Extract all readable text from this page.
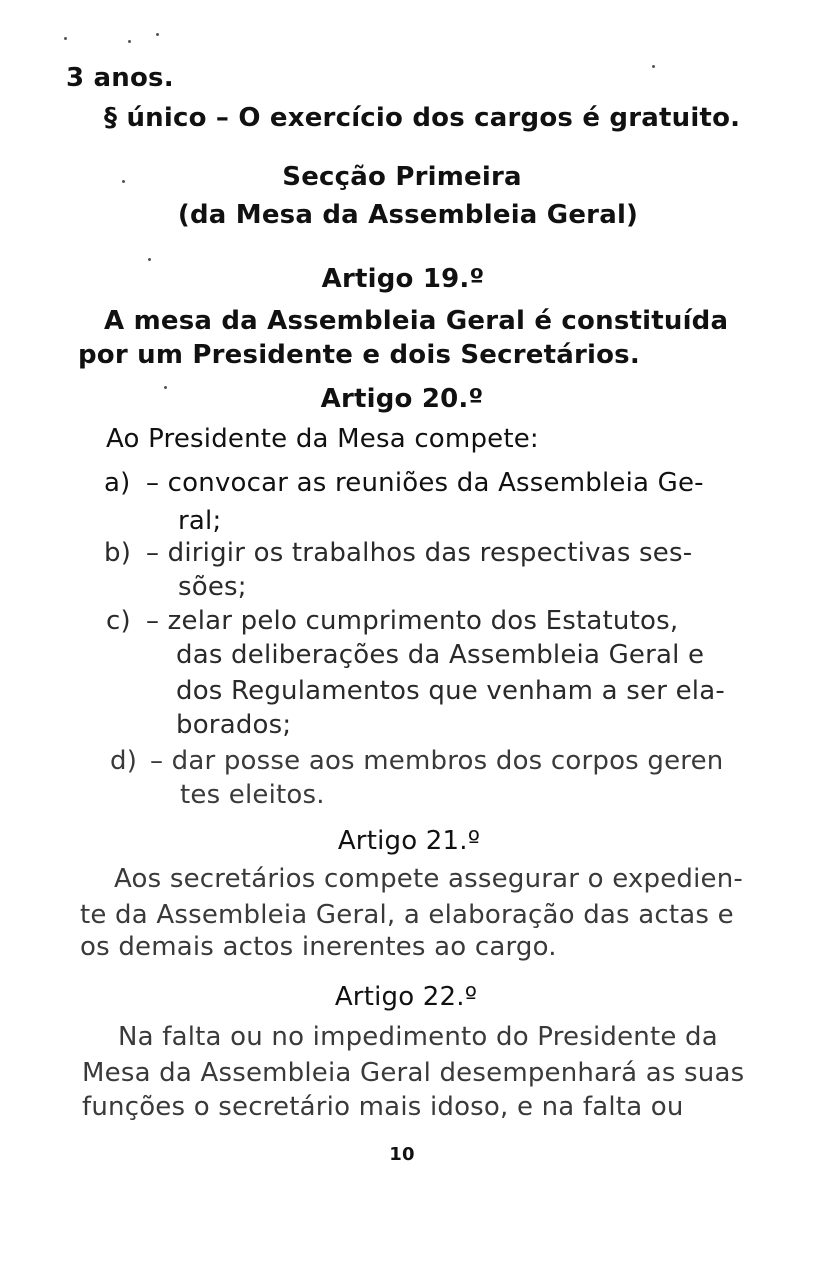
3 anos.
§ único – O exercício dos cargos é gratuito.
Secção Primeira
(da Mesa da Assembleia Geral)
Artigo 19.º
A mesa da Assembleia Geral é constituída
por um Presidente e dois Secretários.
Artigo 20.º
Ao Presidente da Mesa compete:
a) – convocar as reuniões da Assembleia Ge-
ral;
b) – dirigir os trabalhos das respectivas ses-
sões;
c) – zelar pelo cumprimento dos Estatutos,
das deliberações da Assembleia Geral e
dos Regulamentos que venham a ser ela-
borados;
d) – dar posse aos membros dos corpos geren
tes eleitos.
Artigo 21.º
Aos secretários compete assegurar o expedien-
te da Assembleia Geral, a elaboração das actas e
os demais actos inerentes ao cargo.
Artigo 22.º
Na falta ou no impedimento do Presidente da
Mesa da Assembleia Geral desempenhará as suas
funções o secretário mais idoso, e na falta ou
10
